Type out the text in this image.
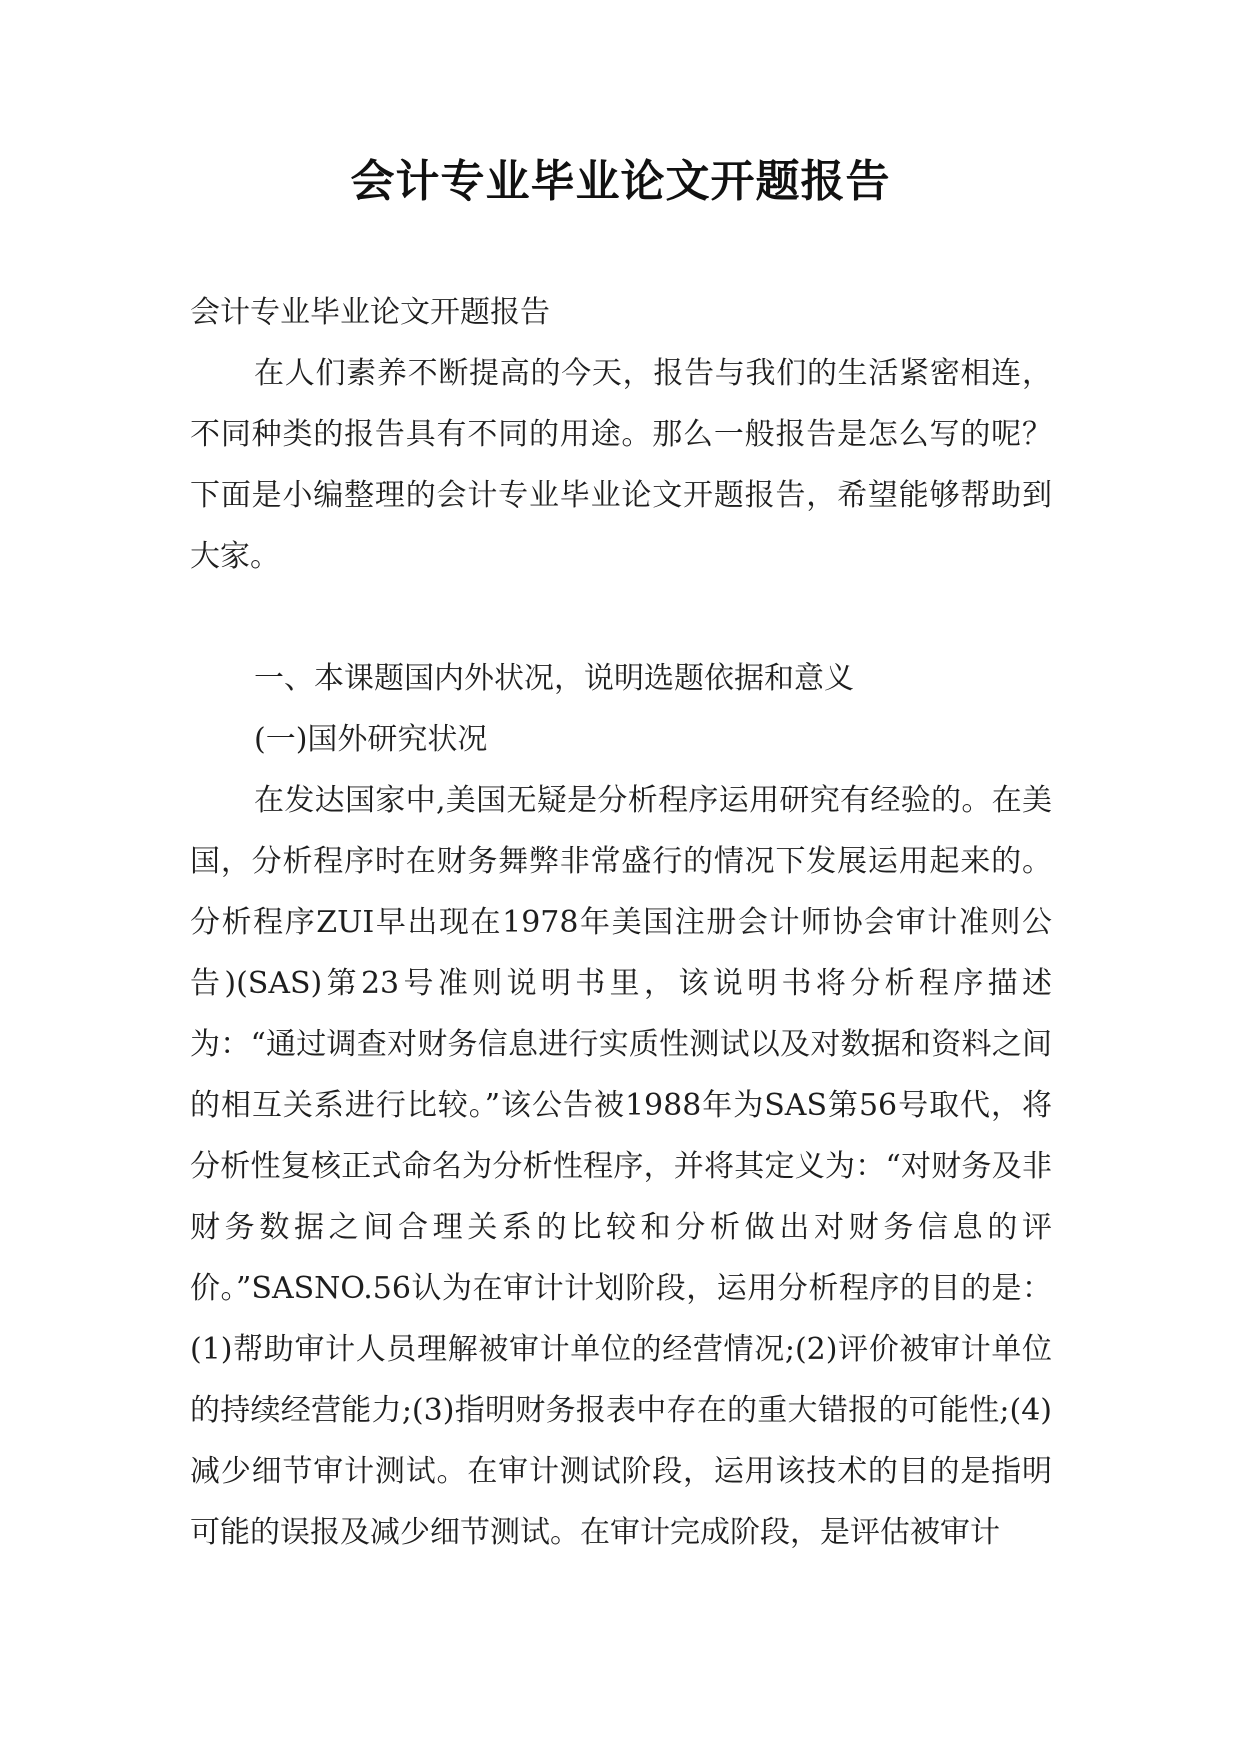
会计专业毕业论文开题报告

会计专业毕业论文开题报告

在人们素养不断提高的今天，报告与我们的生活紧密相连，不同种类的报告具有不同的用途。那么一般报告是怎么写的呢？下面是小编整理的会计专业毕业论文开题报告，希望能够帮助到大家。

一、本课题国内外状况，说明选题依据和意义

(一)国外研究状况

在发达国家中,美国无疑是分析程序运用研究有经验的。在美国，分析程序时在财务舞弊非常盛行的情况下发展运用起来的。分析程序ZUI早出现在1978年美国注册会计师协会审计准则公告)(SAS)第23号准则说明书里，该说明书将分析程序描述为：“通过调查对财务信息进行实质性测试以及对数据和资料之间的相互关系进行比较。”该公告被1988年为SAS第56号取代，将分析性复核正式命名为分析性程序，并将其定义为：“对财务及非财务数据之间合理关系的比较和分析做出对财务信息的评价。”SASNO.56认为在审计计划阶段，运用分析程序的目的是：(1)帮助审计人员理解被审计单位的经营情况;(2)评价被审计单位的持续经营能力;(3)指明财务报表中存在的重大错报的可能性;(4)减少细节审计测试。在审计测试阶段，运用该技术的目的是指明可能的误报及减少细节测试。在审计完成阶段，是评估被审计
